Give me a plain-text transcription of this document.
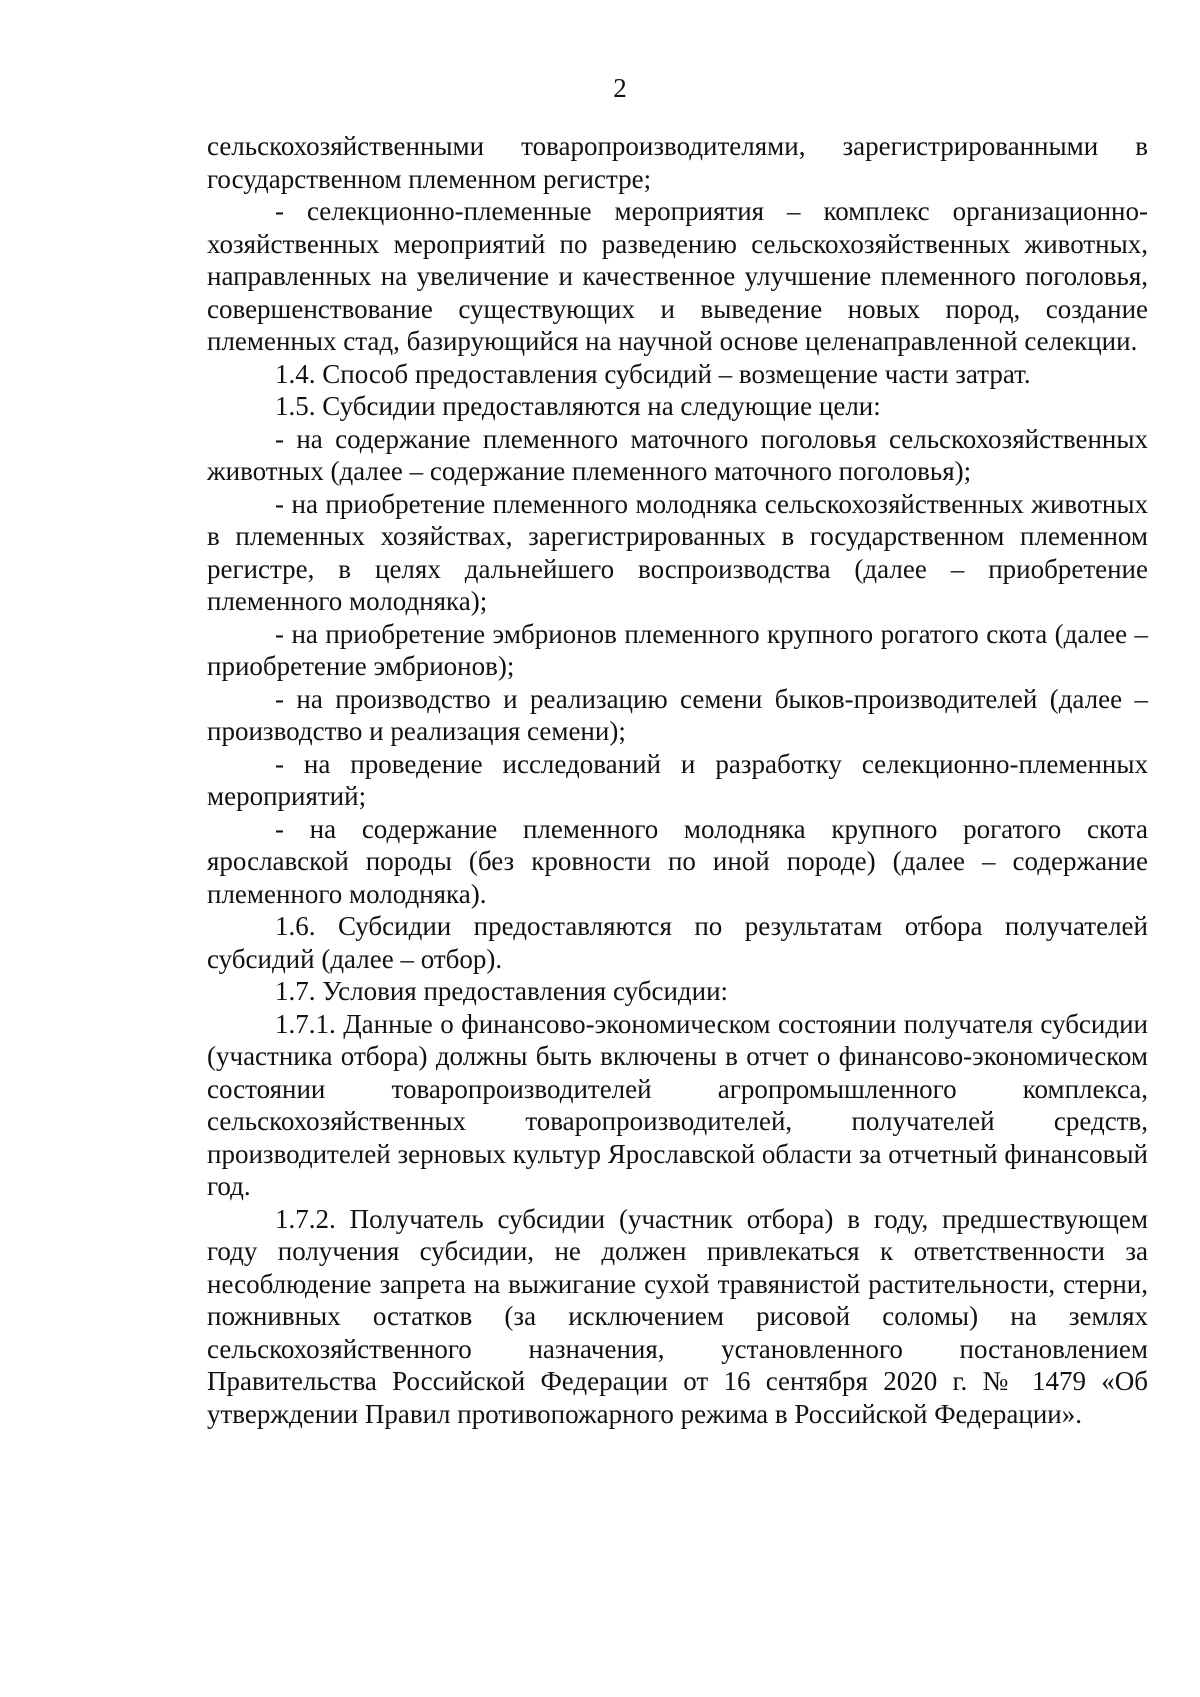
2

сельскохозяйственными товаропроизводителями, зарегистрированными в государственном племенном регистре;

- селекционно-племенные мероприятия – комплекс организационно-хозяйственных мероприятий по разведению сельскохозяйственных животных, направленных на увеличение и качественное улучшение племенного поголовья, совершенствование существующих и выведение новых пород, создание племенных стад, базирующийся на научной основе целенаправленной селекции.

1.4. Способ предоставления субсидий – возмещение части затрат.

1.5. Субсидии предоставляются на следующие цели:

- на содержание племенного маточного поголовья сельскохозяйственных животных (далее – содержание племенного маточного поголовья);

- на приобретение племенного молодняка сельскохозяйственных животных в племенных хозяйствах, зарегистрированных в государственном племенном регистре, в целях дальнейшего воспроизводства (далее – приобретение племенного молодняка);

- на приобретение эмбрионов племенного крупного рогатого скота (далее – приобретение эмбрионов);

- на производство и реализацию семени быков-производителей (далее – производство и реализация семени);

- на проведение исследований и разработку селекционно-племенных мероприятий;

- на содержание племенного молодняка крупного рогатого скота ярославской породы (без кровности по иной породе) (далее – содержание племенного молодняка).

1.6. Субсидии предоставляются по результатам отбора получателей субсидий (далее – отбор).

1.7. Условия предоставления субсидии:

1.7.1. Данные о финансово-экономическом состоянии получателя субсидии (участника отбора) должны быть включены в отчет о финансово-экономическом состоянии товаропроизводителей агропромышленного комплекса, сельскохозяйственных товаропроизводителей, получателей средств, производителей зерновых культур Ярославской области за отчетный финансовый год.

1.7.2. Получатель субсидии (участник отбора) в году, предшествующем году получения субсидии, не должен привлекаться к ответственности за несоблюдение запрета на выжигание сухой травянистой растительности, стерни, пожнивных остатков (за исключением рисовой соломы) на землях сельскохозяйственного назначения, установленного постановлением Правительства Российской Федерации от 16 сентября 2020 г. № 1479 «Об утверждении Правил противопожарного режима в Российской Федерации».
